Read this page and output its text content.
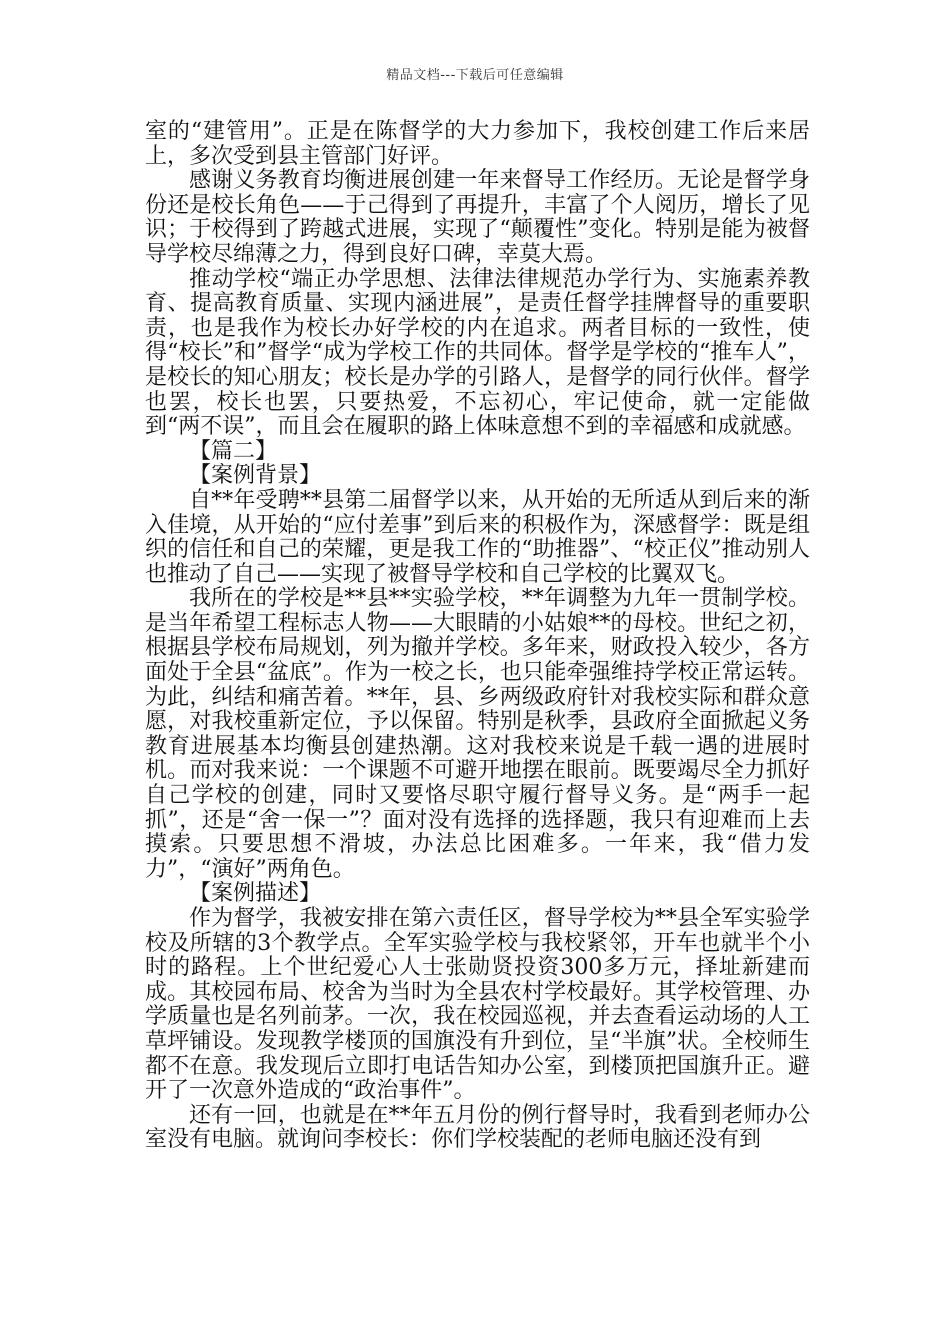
精品文档---下载后可任意编辑

室的“建管用”。正是在陈督学的大力参加下，我校创建工作后来居上，多次受到县主管部门好评。

感谢义务教育均衡进展创建一年来督导工作经历。无论是督学身份还是校长角色——于己得到了再提升，丰富了个人阅历，增长了见识；于校得到了跨越式进展，实现了“颠覆性”变化。特别是能为被督导学校尽绵薄之力，得到良好口碑，幸莫大焉。

推动学校“端正办学思想、法律法律规范办学行为、实施素养教育、提高教育质量、实现内涵进展”，是责任督学挂牌督导的重要职责，也是我作为校长办好学校的内在追求。两者目标的一致性，使得“校长”和”督学“成为学校工作的共同体。督学是学校的“推车人”，是校长的知心朋友；校长是办学的引路人，是督学的同行伙伴。督学也罢，校长也罢，只要热爱，不忘初心，牢记使命，就一定能做到“两不误”，而且会在履职的路上体味意想不到的幸福感和成就感。

【篇二】

【案例背景】

自**年受聘**县第二届督学以来，从开始的无所适从到后来的渐入佳境，从开始的“应付差事”到后来的积极作为，深感督学：既是组织的信任和自己的荣耀，更是我工作的“助推器”、“校正仪”推动别人也推动了自己——实现了被督导学校和自己学校的比翼双飞。

我所在的学校是**县**实验学校，**年调整为九年一贯制学校。是当年希望工程标志人物——大眼睛的小姑娘**的母校。世纪之初，根据县学校布局规划，列为撤并学校。多年来，财政投入较少，各方面处于全县“盆底”。作为一校之长，也只能牵强维持学校正常运转。为此，纠结和痛苦着。**年，县、乡两级政府针对我校实际和群众意愿，对我校重新定位，予以保留。特别是秋季，县政府全面掀起义务教育进展基本均衡县创建热潮。这对我校来说是千载一遇的进展时机。而对我来说：一个课题不可避开地摆在眼前。既要竭尽全力抓好自己学校的创建，同时又要恪尽职守履行督导义务。是“两手一起抓”，还是“舍一保一”？面对没有选择的选择题，我只有迎难而上去摸索。只要思想不滑坡，办法总比困难多。一年来，我“借力发力”，“演好”两角色。

【案例描述】

作为督学，我被安排在第六责任区，督导学校为**县全军实验学校及所辖的3个教学点。全军实验学校与我校紧邻，开车也就半个小时的路程。上个世纪爱心人士张勋贤投资300多万元，择址新建而成。其校园布局、校舍为当时为全县农村学校最好。其学校管理、办学质量也是名列前茅。一次，我在校园巡视，并去查看运动场的人工草坪铺设。发现教学楼顶的国旗没有升到位，呈“半旗”状。全校师生都不在意。我发现后立即打电话告知办公室，到楼顶把国旗升正。避开了一次意外造成的“政治事件”。

还有一回，也就是在**年五月份的例行督导时，我看到老师办公室没有电脑。就询问李校长：你们学校装配的老师电脑还没有到
